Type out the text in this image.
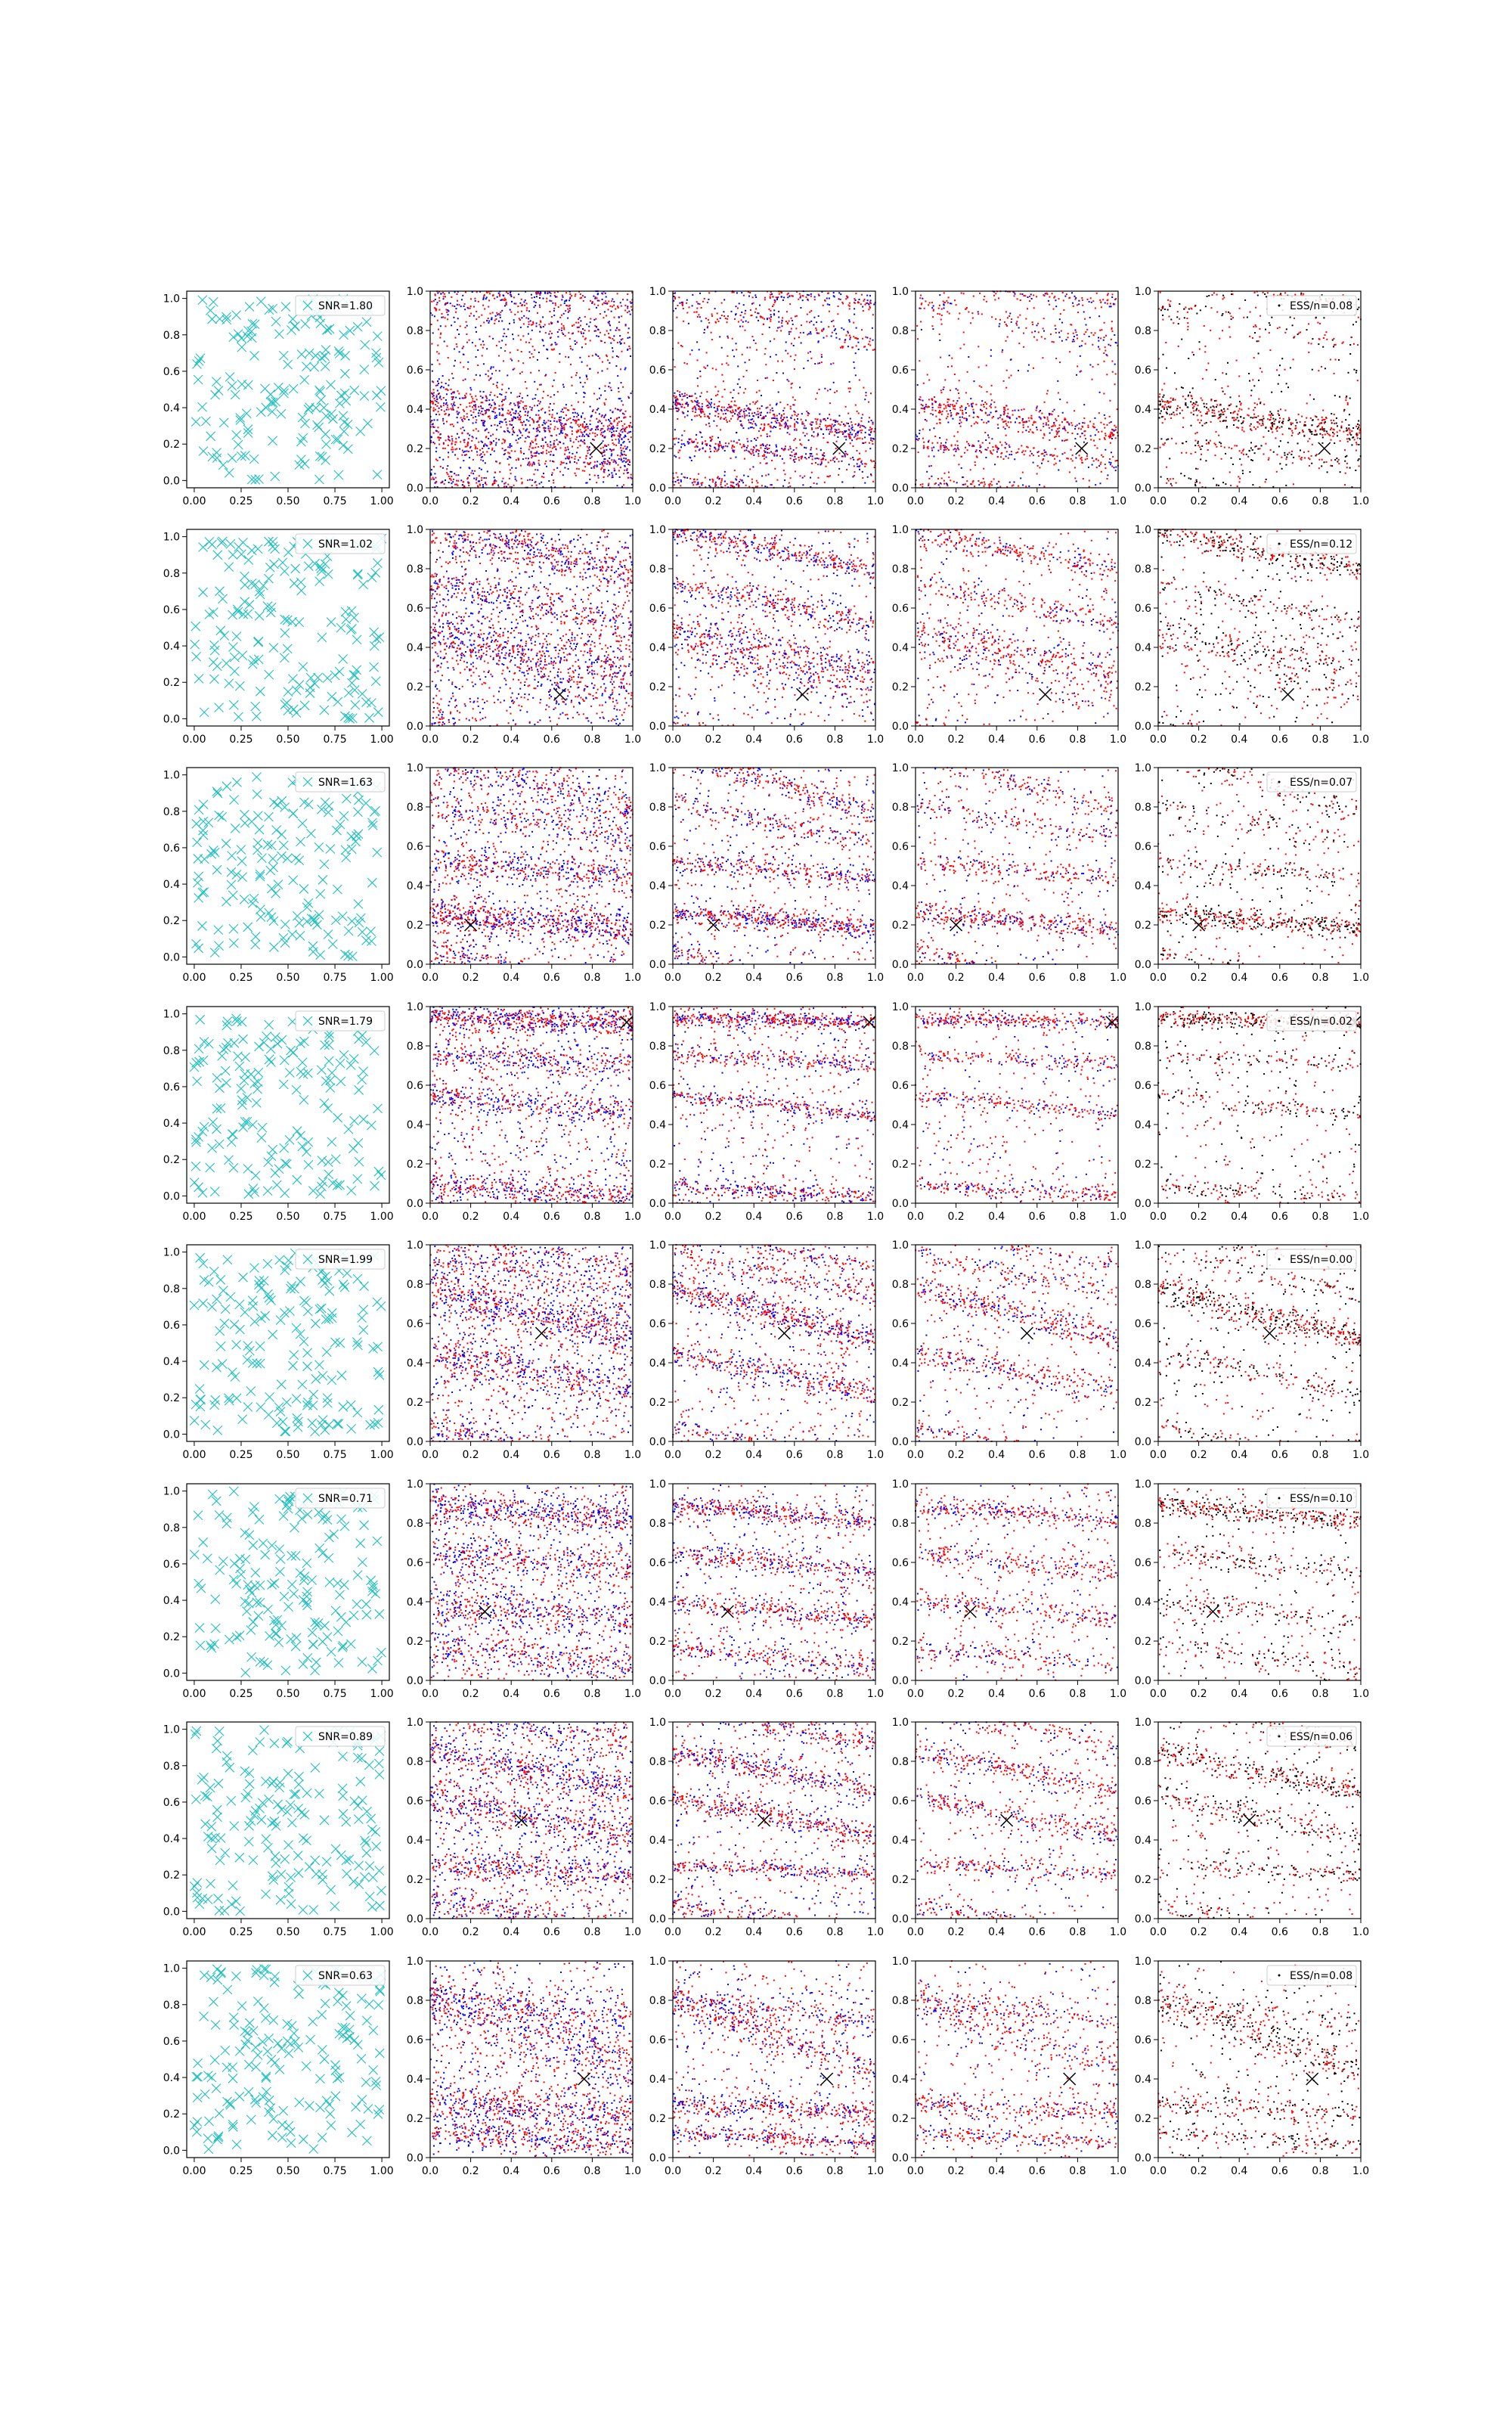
0.00 0.25 0.50 0.75 1.00
0.0
0.2
0.4
0.6
0.8
1.0
SNR=1.80
0.0 0.2 0.4 0.6 0.8 1.0
0.0
0.2
0.4
0.6
0.8
1.0
0.0 0.2 0.4 0.6 0.8 1.0
0.0
0.2
0.4
0.6
0.8
1.0
0.0 0.2 0.4 0.6 0.8 1.0
0.0
0.2
0.4
0.6
0.8
1.0
0.0 0.2 0.4 0.6 0.8 1.0
0.0
0.2
0.4
0.6
0.8
1.0
ESS/n=0.08
0.00 0.25 0.50 0.75 1.00
0.0
0.2
0.4
0.6
0.8
1.0
SNR=1.02
0.0 0.2 0.4 0.6 0.8 1.0
0.0
0.2
0.4
0.6
0.8
1.0
0.0 0.2 0.4 0.6 0.8 1.0
0.0
0.2
0.4
0.6
0.8
1.0
0.0 0.2 0.4 0.6 0.8 1.0
0.0
0.2
0.4
0.6
0.8
1.0
0.0 0.2 0.4 0.6 0.8 1.0
0.0
0.2
0.4
0.6
0.8
1.0
ESS/n=0.12
0.00 0.25 0.50 0.75 1.00
0.0
0.2
0.4
0.6
0.8
1.0
SNR=1.63
0.0 0.2 0.4 0.6 0.8 1.0
0.0
0.2
0.4
0.6
0.8
1.0
0.0 0.2 0.4 0.6 0.8 1.0
0.0
0.2
0.4
0.6
0.8
1.0
0.0 0.2 0.4 0.6 0.8 1.0
0.0
0.2
0.4
0.6
0.8
1.0
0.0 0.2 0.4 0.6 0.8 1.0
0.0
0.2
0.4
0.6
0.8
1.0
ESS/n=0.07
0.00 0.25 0.50 0.75 1.00
0.0
0.2
0.4
0.6
0.8
1.0
SNR=1.79
0.0 0.2 0.4 0.6 0.8 1.0
0.0
0.2
0.4
0.6
0.8
1.0
0.0 0.2 0.4 0.6 0.8 1.0
0.0
0.2
0.4
0.6
0.8
1.0
0.0 0.2 0.4 0.6 0.8 1.0
0.0
0.2
0.4
0.6
0.8
1.0
0.0 0.2 0.4 0.6 0.8 1.0
0.0
0.2
0.4
0.6
0.8
1.0
ESS/n=0.02
0.00 0.25 0.50 0.75 1.00
0.0
0.2
0.4
0.6
0.8
1.0
SNR=1.99
0.0 0.2 0.4 0.6 0.8 1.0
0.0
0.2
0.4
0.6
0.8
1.0
0.0 0.2 0.4 0.6 0.8 1.0
0.0
0.2
0.4
0.6
0.8
1.0
0.0 0.2 0.4 0.6 0.8 1.0
0.0
0.2
0.4
0.6
0.8
1.0
0.0 0.2 0.4 0.6 0.8 1.0
0.0
0.2
0.4
0.6
0.8
1.0
ESS/n=0.00
0.00 0.25 0.50 0.75 1.00
0.0
0.2
0.4
0.6
0.8
1.0
SNR=0.71
0.0 0.2 0.4 0.6 0.8 1.0
0.0
0.2
0.4
0.6
0.8
1.0
0.0 0.2 0.4 0.6 0.8 1.0
0.0
0.2
0.4
0.6
0.8
1.0
0.0 0.2 0.4 0.6 0.8 1.0
0.0
0.2
0.4
0.6
0.8
1.0
0.0 0.2 0.4 0.6 0.8 1.0
0.0
0.2
0.4
0.6
0.8
1.0
ESS/n=0.10
0.00 0.25 0.50 0.75 1.00
0.0
0.2
0.4
0.6
0.8
1.0
SNR=0.89
0.0 0.2 0.4 0.6 0.8 1.0
0.0
0.2
0.4
0.6
0.8
1.0
0.0 0.2 0.4 0.6 0.8 1.0
0.0
0.2
0.4
0.6
0.8
1.0
0.0 0.2 0.4 0.6 0.8 1.0
0.0
0.2
0.4
0.6
0.8
1.0
0.0 0.2 0.4 0.6 0.8 1.0
0.0
0.2
0.4
0.6
0.8
1.0
ESS/n=0.06
0.00 0.25 0.50 0.75 1.00
0.0
0.2
0.4
0.6
0.8
1.0
SNR=0.63
0.0 0.2 0.4 0.6 0.8 1.0
0.0
0.2
0.4
0.6
0.8
1.0
0.0 0.2 0.4 0.6 0.8 1.0
0.0
0.2
0.4
0.6
0.8
1.0
0.0 0.2 0.4 0.6 0.8 1.0
0.0
0.2
0.4
0.6
0.8
1.0
0.0 0.2 0.4 0.6 0.8 1.0
0.0
0.2
0.4
0.6
0.8
1.0
ESS/n=0.08
